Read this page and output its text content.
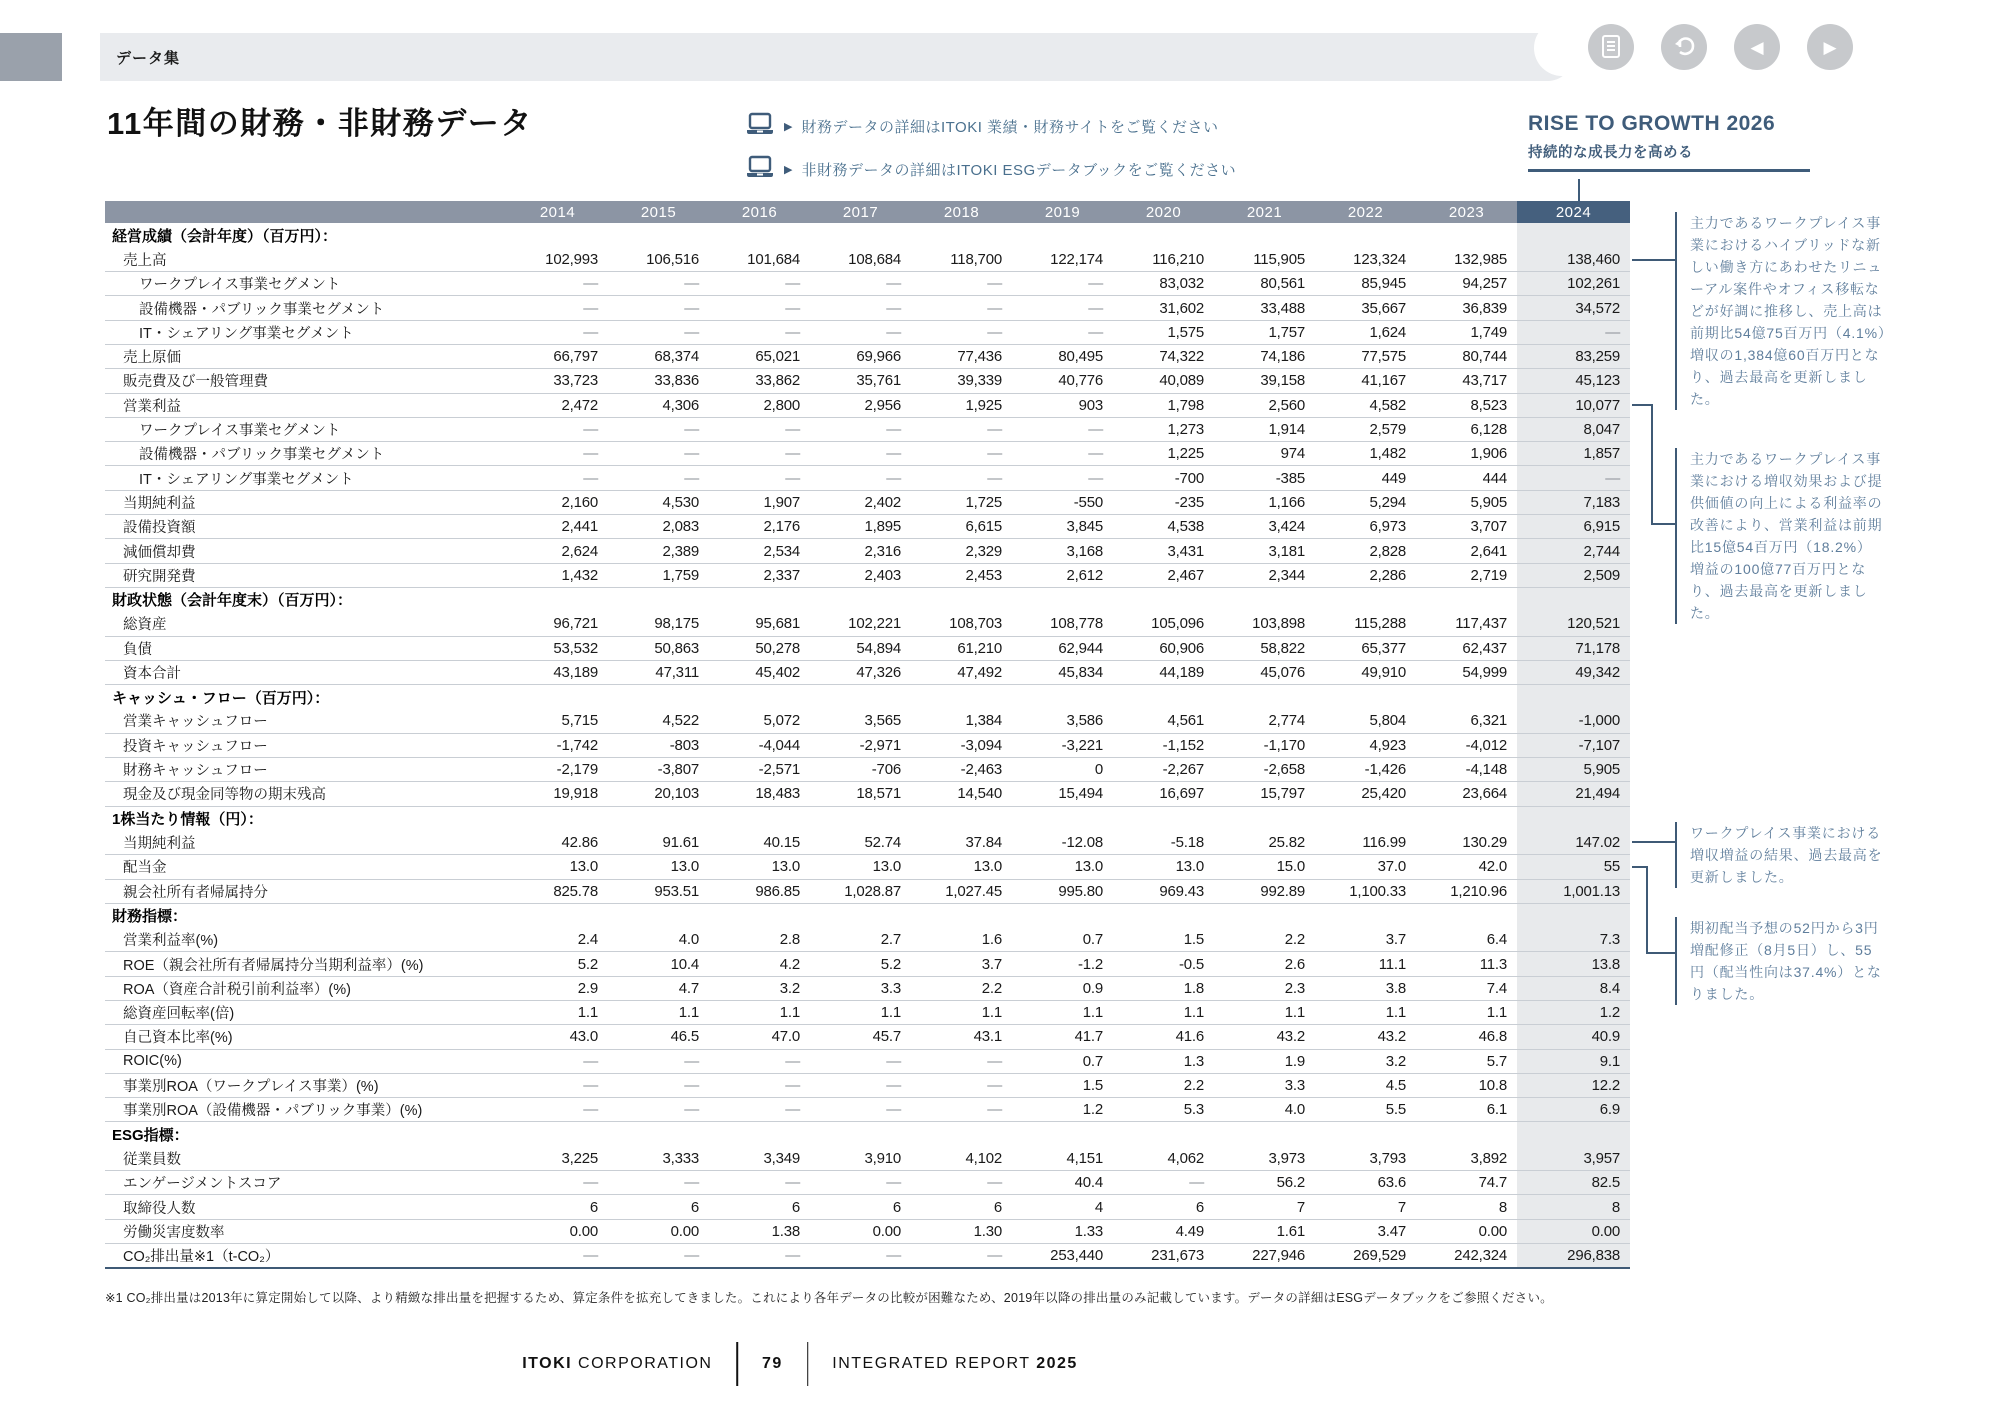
データ集
◀	▶
11年間の財務・非財務データ	▶ 財務データの詳細はITOKI 業績・財務サイトをご覧ください
▶ 非財務データの詳細はITOKI ESGデータブックをご覧ください
RISE TO GROWTH 2026
持続的な成長力を高める
	2014	2015	2016	2017	2018	2019	2020	2021	2022	2023	2024
経営成績（会計年度）（百万円）：											
売上高	102,993	106,516	101,684	108,684	118,700	122,174	116,210	115,905	123,324	132,985	138,460
ワークプレイス事業セグメント	—	—	—	—	—	—	83,032	80,561	85,945	94,257	102,261
設備機器・パブリック事業セグメント	—	—	—	—	—	—	31,602	33,488	35,667	36,839	34,572
IT・シェアリング事業セグメント	—	—	—	—	—	—	1,575	1,757	1,624	1,749	—
売上原価	66,797	68,374	65,021	69,966	77,436	80,495	74,322	74,186	77,575	80,744	83,259
販売費及び一般管理費	33,723	33,836	33,862	35,761	39,339	40,776	40,089	39,158	41,167	43,717	45,123
営業利益	2,472	4,306	2,800	2,956	1,925	903	1,798	2,560	4,582	8,523	10,077
ワークプレイス事業セグメント	—	—	—	—	—	—	1,273	1,914	2,579	6,128	8,047
設備機器・パブリック事業セグメント	—	—	—	—	—	—	1,225	974	1,482	1,906	1,857
IT・シェアリング事業セグメント	—	—	—	—	—	—	-700	-385	449	444	—
当期純利益	2,160	4,530	1,907	2,402	1,725	-550	-235	1,166	5,294	5,905	7,183
設備投資額	2,441	2,083	2,176	1,895	6,615	3,845	4,538	3,424	6,973	3,707	6,915
減価償却費	2,624	2,389	2,534	2,316	2,329	3,168	3,431	3,181	2,828	2,641	2,744
研究開発費	1,432	1,759	2,337	2,403	2,453	2,612	2,467	2,344	2,286	2,719	2,509
財政状態（会計年度末）（百万円）：											
総資産	96,721	98,175	95,681	102,221	108,703	108,778	105,096	103,898	115,288	117,437	120,521
負債	53,532	50,863	50,278	54,894	61,210	62,944	60,906	58,822	65,377	62,437	71,178
資本合計	43,189	47,311	45,402	47,326	47,492	45,834	44,189	45,076	49,910	54,999	49,342
キャッシュ・フロー（百万円）：											
営業キャッシュフロー	5,715	4,522	5,072	3,565	1,384	3,586	4,561	2,774	5,804	6,321	-1,000
投資キャッシュフロー	-1,742	-803	-4,044	-2,971	-3,094	-3,221	-1,152	-1,170	4,923	-4,012	-7,107
財務キャッシュフロー	-2,179	-3,807	-2,571	-706	-2,463	0	-2,267	-2,658	-1,426	-4,148	5,905
現金及び現金同等物の期末残高	19,918	20,103	18,483	18,571	14,540	15,494	16,697	15,797	25,420	23,664	21,494
1株当たり情報（円）：											
当期純利益	42.86	91.61	40.15	52.74	37.84	-12.08	-5.18	25.82	116.99	130.29	147.02
配当金	13.0	13.0	13.0	13.0	13.0	13.0	13.0	15.0	37.0	42.0	55
親会社所有者帰属持分	825.78	953.51	986.85	1,028.87	1,027.45	995.80	969.43	992.89	1,100.33	1,210.96	1,001.13
財務指標：											
営業利益率(%)	2.4	4.0	2.8	2.7	1.6	0.7	1.5	2.2	3.7	6.4	7.3
ROE（親会社所有者帰属持分当期利益率）(%)	5.2	10.4	4.2	5.2	3.7	-1.2	-0.5	2.6	11.1	11.3	13.8
ROA（資産合計税引前利益率）(%)	2.9	4.7	3.2	3.3	2.2	0.9	1.8	2.3	3.8	7.4	8.4
総資産回転率(倍)	1.1	1.1	1.1	1.1	1.1	1.1	1.1	1.1	1.1	1.1	1.2
自己資本比率(%)	43.0	46.5	47.0	45.7	43.1	41.7	41.6	43.2	43.2	46.8	40.9
ROIC(%)	—	—	—	—	—	0.7	1.3	1.9	3.2	5.7	9.1
事業別ROA（ワークプレイス事業）(%)	—	—	—	—	—	1.5	2.2	3.3	4.5	10.8	12.2
事業別ROA（設備機器・パブリック事業）(%)	—	—	—	—	—	1.2	5.3	4.0	5.5	6.1	6.9
ESG指標：											
従業員数	3,225	3,333	3,349	3,910	4,102	4,151	4,062	3,973	3,793	3,892	3,957
エンゲージメントスコア	—	—	—	—	—	40.4	—	56.2	63.6	74.7	82.5
取締役人数	6	6	6	6	6	4	6	7	7	8	8
労働災害度数率	0.00	0.00	1.38	0.00	1.30	1.33	4.49	1.61	3.47	0.00	0.00
CO₂排出量※1（t-CO₂）	—	—	—	—	—	253,440	231,673	227,946	269,529	242,324	296,838
主力であるワークプレイス事業におけるハイブリッドな新しい働き方にあわせたリニューアル案件やオフィス移転などが好調に推移し、売上高は前期比54億75百万円（4.1%）増収の1,384億60百万円となり、過去最高を更新しました。
主力であるワークプレイス事業における増収効果および提供価値の向上による利益率の改善により、営業利益は前期比15億54百万円（18.2%）増益の100億77百万円となり、過去最高を更新しました。
ワークプレイス事業における増収増益の結果、過去最高を更新しました。
期初配当予想の52円から3円増配修正（8月5日）し、55円（配当性向は37.4%）となりました。
※1 CO₂排出量は2013年に算定開始して以降、より精緻な排出量を把握するため、算定条件を拡充してきました。これにより各年データの比較が困難なため、2019年以降の排出量のみ記載しています。データの詳細はESGデータブックをご参照ください。
ITOKI CORPORATION	79	INTEGRATED REPORT 2025
